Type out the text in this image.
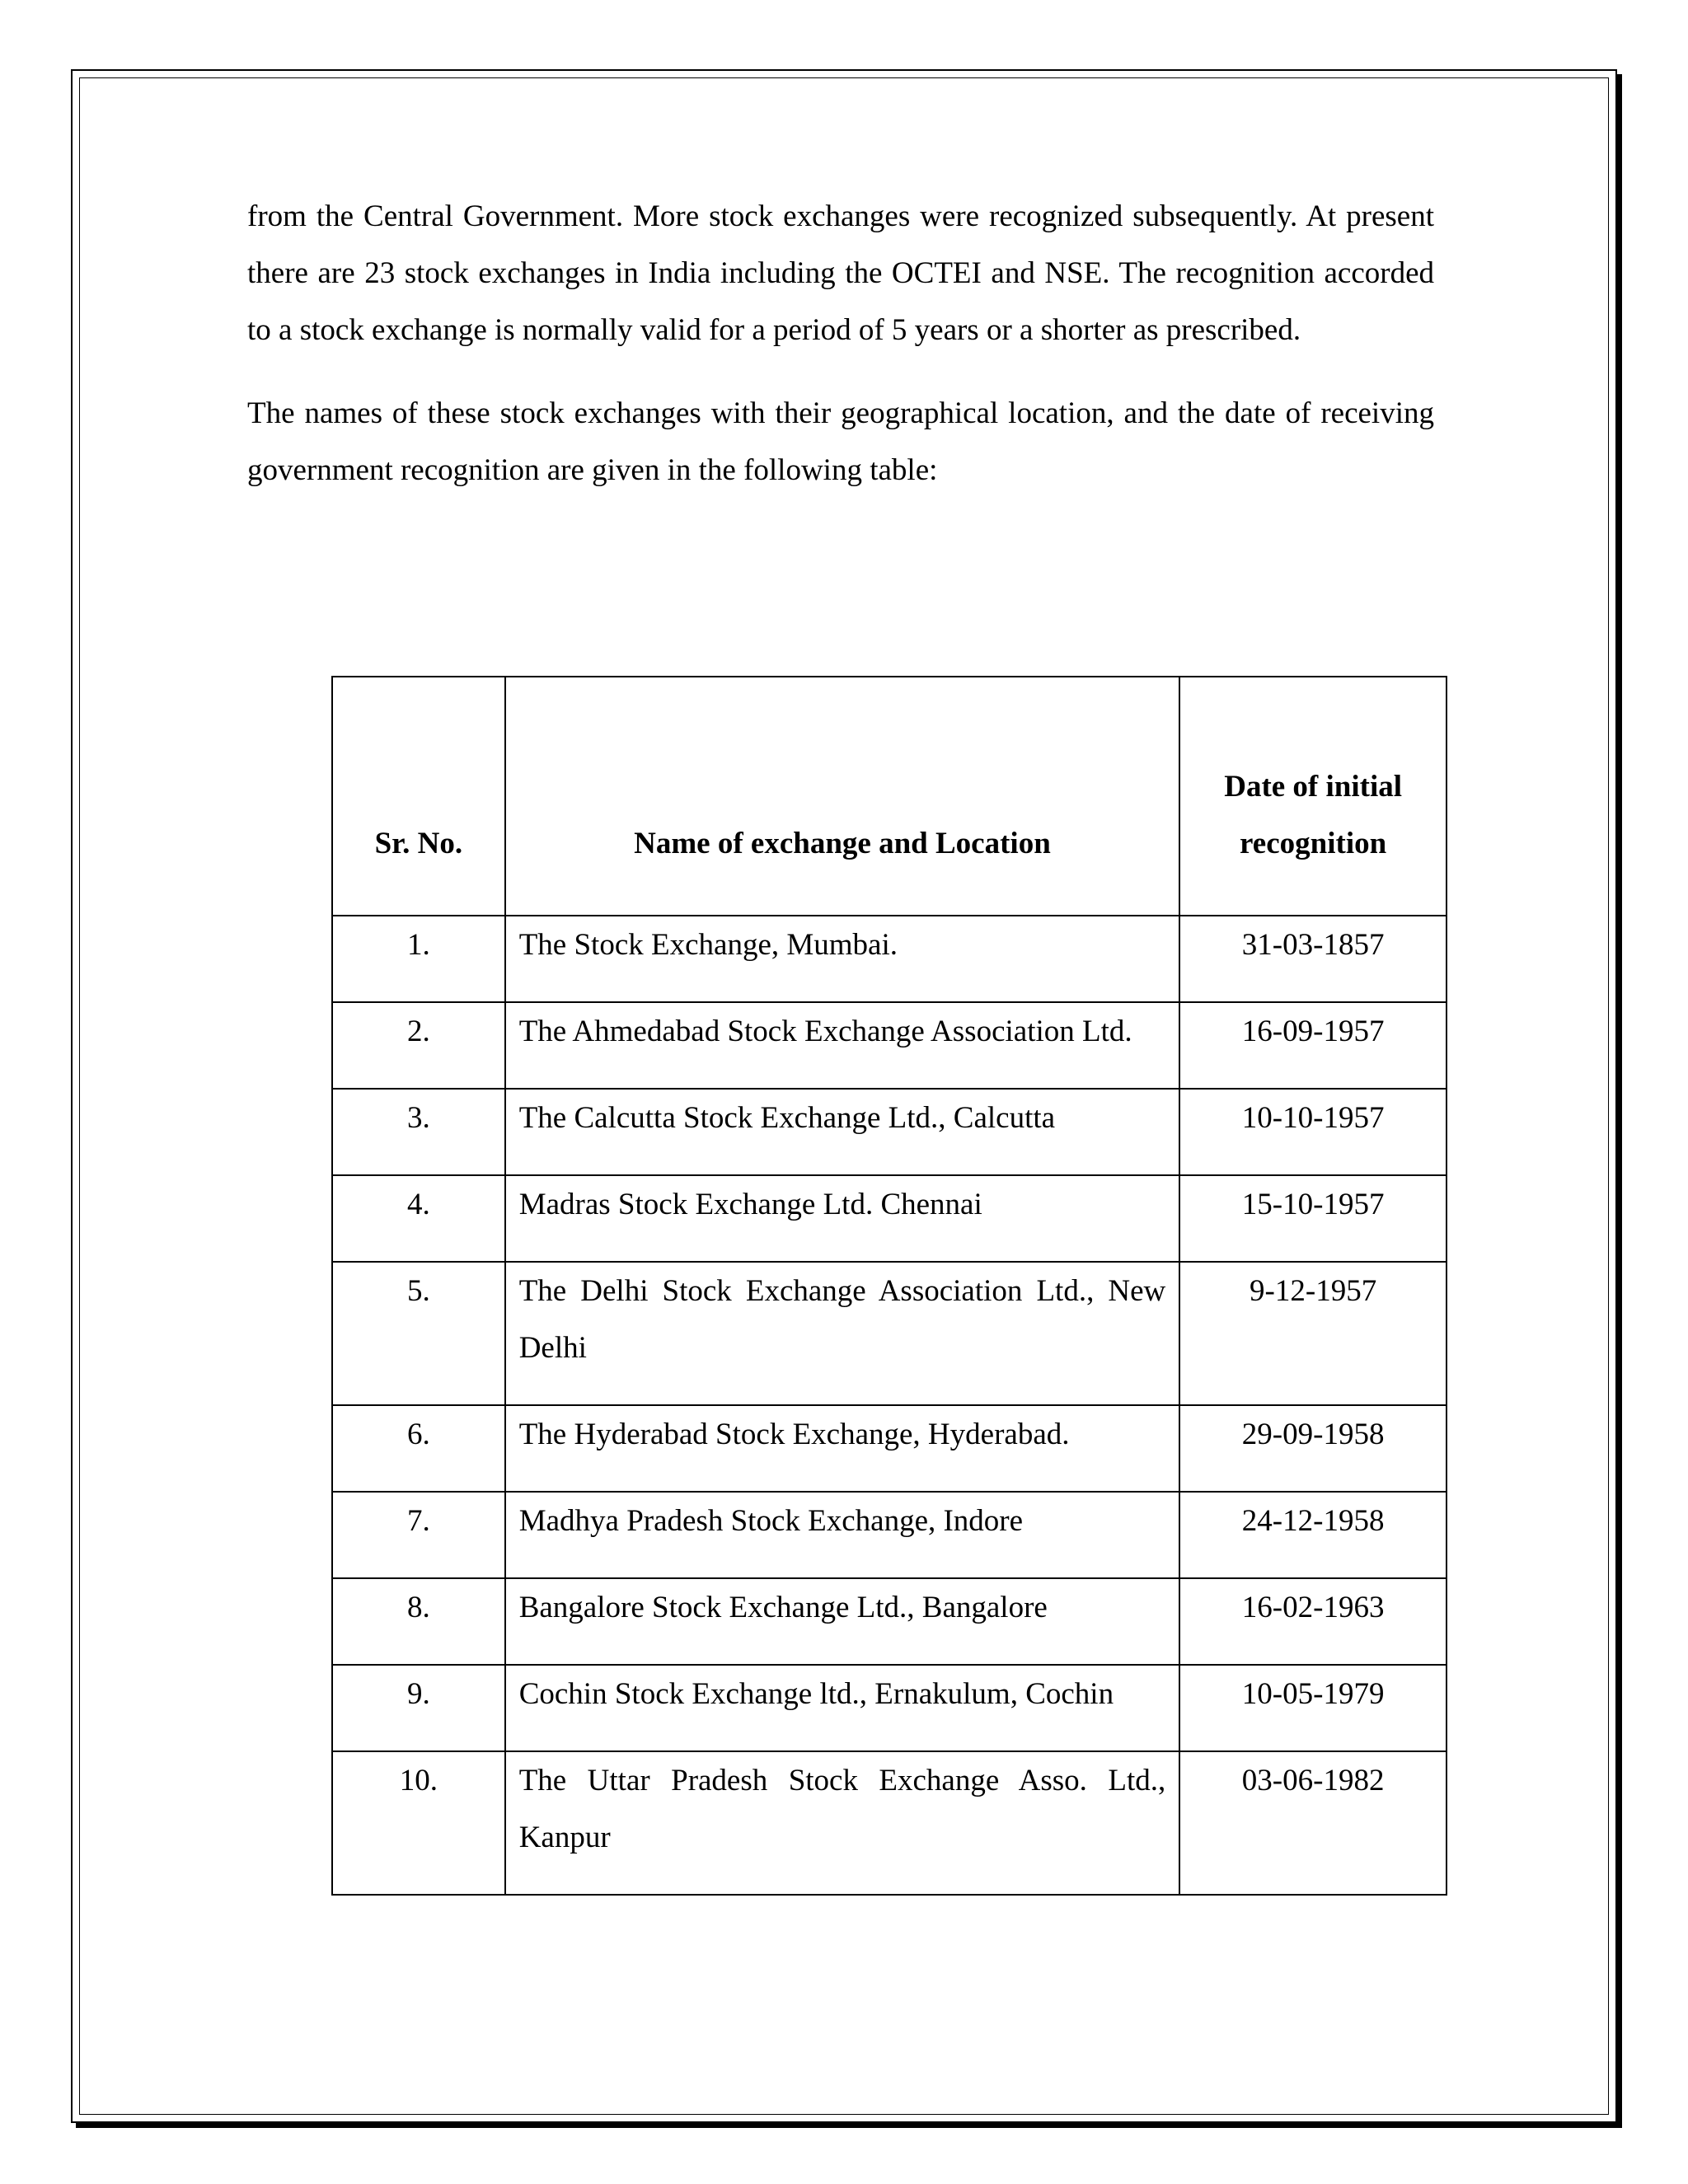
from the Central Government. More stock exchanges were recognized subsequently. At present there are 23 stock exchanges in India including the OCTEI and NSE. The recognition accorded to a stock exchange is normally valid for a period of 5 years or a shorter as prescribed.

The names of these stock exchanges with their geographical location, and the date of receiving government recognition are given in the following table:

Sr. No.	Name of exchange and Location	Date of initial recognition
1.	The Stock Exchange, Mumbai.	31-03-1857
2.	The Ahmedabad Stock Exchange Association Ltd.	16-09-1957
3.	The Calcutta Stock Exchange Ltd., Calcutta	10-10-1957
4.	Madras Stock Exchange Ltd. Chennai	15-10-1957
5.	The Delhi Stock Exchange Association Ltd., New Delhi	9-12-1957
6.	The Hyderabad Stock Exchange, Hyderabad.	29-09-1958
7.	Madhya Pradesh Stock Exchange, Indore	24-12-1958
8.	Bangalore Stock Exchange Ltd., Bangalore	16-02-1963
9.	Cochin Stock Exchange ltd., Ernakulum, Cochin	10-05-1979
10.	The Uttar Pradesh Stock Exchange Asso. Ltd., Kanpur	03-06-1982
